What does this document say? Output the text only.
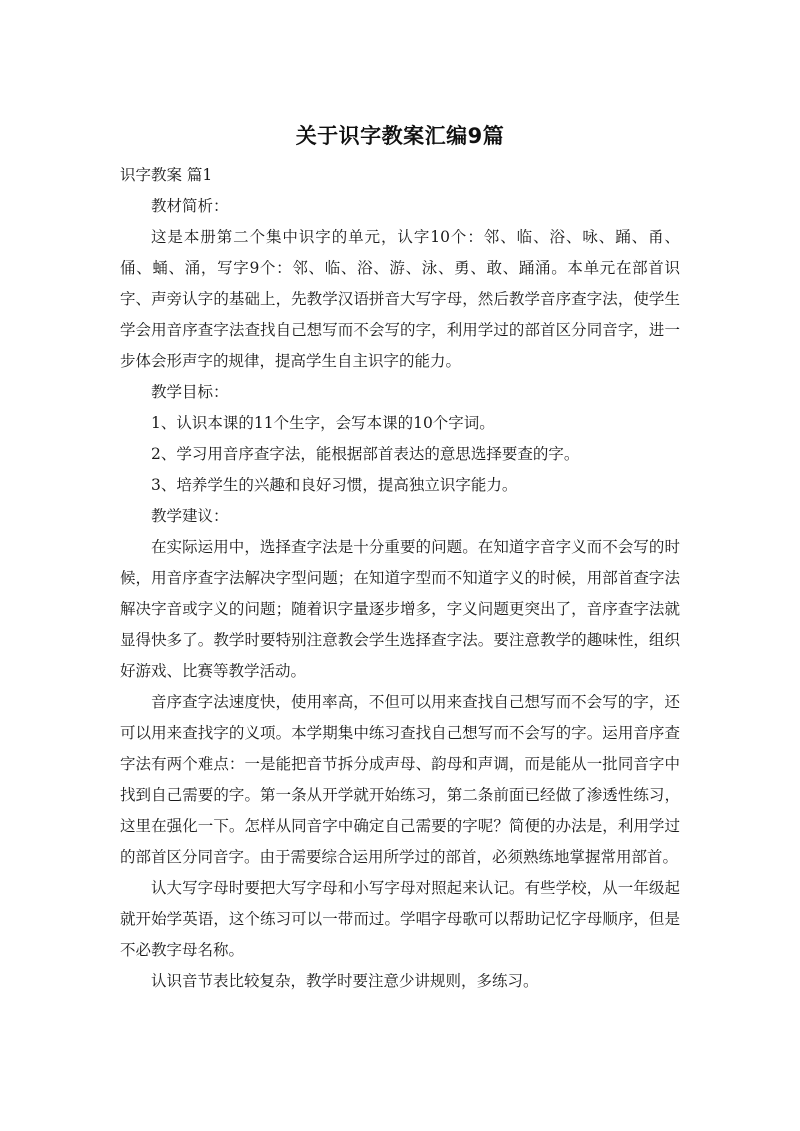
关于识字教案汇编9篇
识字教案 篇1

教材简析：

这是本册第二个集中识字的单元，认字10个：邻、临、浴、咏、踊、甬、俑、蛹、涌，写字9个：邻、临、浴、游、泳、勇、敢、踊涌。本单元在部首识字、声旁认字的基础上，先教学汉语拼音大写字母，然后教学音序查字法，使学生学会用音序查字法查找自己想写而不会写的字，利用学过的部首区分同音字，进一步体会形声字的规律，提高学生自主识字的能力。

教学目标：

1、认识本课的11个生字，会写本课的10个字词。

2、学习用音序查字法，能根据部首表达的意思选择要查的字。

3、培养学生的兴趣和良好习惯，提高独立识字能力。

教学建议：

在实际运用中，选择查字法是十分重要的问题。在知道字音字义而不会写的时候，用音序查字法解决字型问题；在知道字型而不知道字义的时候，用部首查字法解决字音或字义的问题；随着识字量逐步增多，字义问题更突出了，音序查字法就显得快多了。教学时要特别注意教会学生选择查字法。要注意教学的趣味性，组织好游戏、比赛等教学活动。

音序查字法速度快，使用率高，不但可以用来查找自己想写而不会写的字，还可以用来查找字的义项。本学期集中练习查找自己想写而不会写的字。运用音序查字法有两个难点：一是能把音节拆分成声母、韵母和声调，而是能从一批同音字中找到自己需要的字。第一条从开学就开始练习，第二条前面已经做了渗透性练习，这里在强化一下。怎样从同音字中确定自己需要的字呢？简便的办法是，利用学过的部首区分同音字。由于需要综合运用所学过的部首，必须熟练地掌握常用部首。

认大写字母时要把大写字母和小写字母对照起来认记。有些学校，从一年级起就开始学英语，这个练习可以一带而过。学唱字母歌可以帮助记忆字母顺序，但是不必教字母名称。

认识音节表比较复杂，教学时要注意少讲规则，多练习。
